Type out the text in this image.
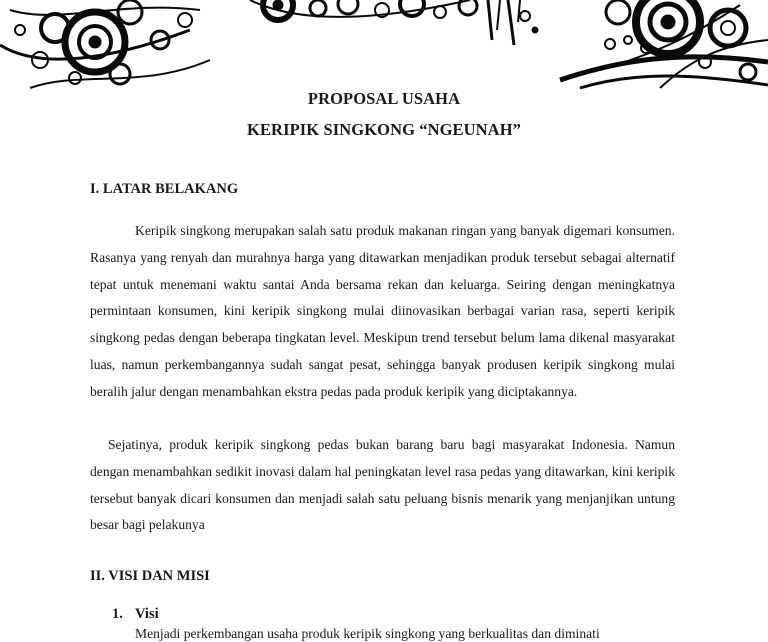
PROPOSAL USAHA
KERIPIK SINGKONG “NGEUNAH”
I. LATAR BELAKANG

Keripik singkong merupakan salah satu produk makanan ringan yang banyak digemari konsumen. Rasanya yang renyah dan murahnya harga yang ditawarkan menjadikan produk tersebut sebagai alternatif tepat untuk menemani waktu santai Anda bersama rekan dan keluarga. Seiring dengan meningkatnya permintaan konsumen, kini keripik singkong mulai diinovasikan berbagai varian rasa, seperti keripik singkong pedas dengan beberapa tingkatan level. Meskipun trend tersebut belum lama dikenal masyarakat luas, namun perkembangannya sudah sangat pesat, sehingga banyak produsen keripik singkong mulai beralih jalur dengan menambahkan ekstra pedas pada produk keripik yang diciptakannya.

Sejatinya, produk keripik singkong pedas bukan barang baru bagi masyarakat Indonesia. Namun dengan menambahkan sedikit inovasi dalam hal peningkatan level rasa pedas yang ditawarkan, kini keripik tersebut banyak dicari konsumen dan menjadi salah satu peluang bisnis menarik yang menjanjikan untung besar bagi pelakunya

II. VISI DAN MISI
1. Visi
Menjadi perkembangan usaha produk keripik singkong yang berkualitas dan diminati
